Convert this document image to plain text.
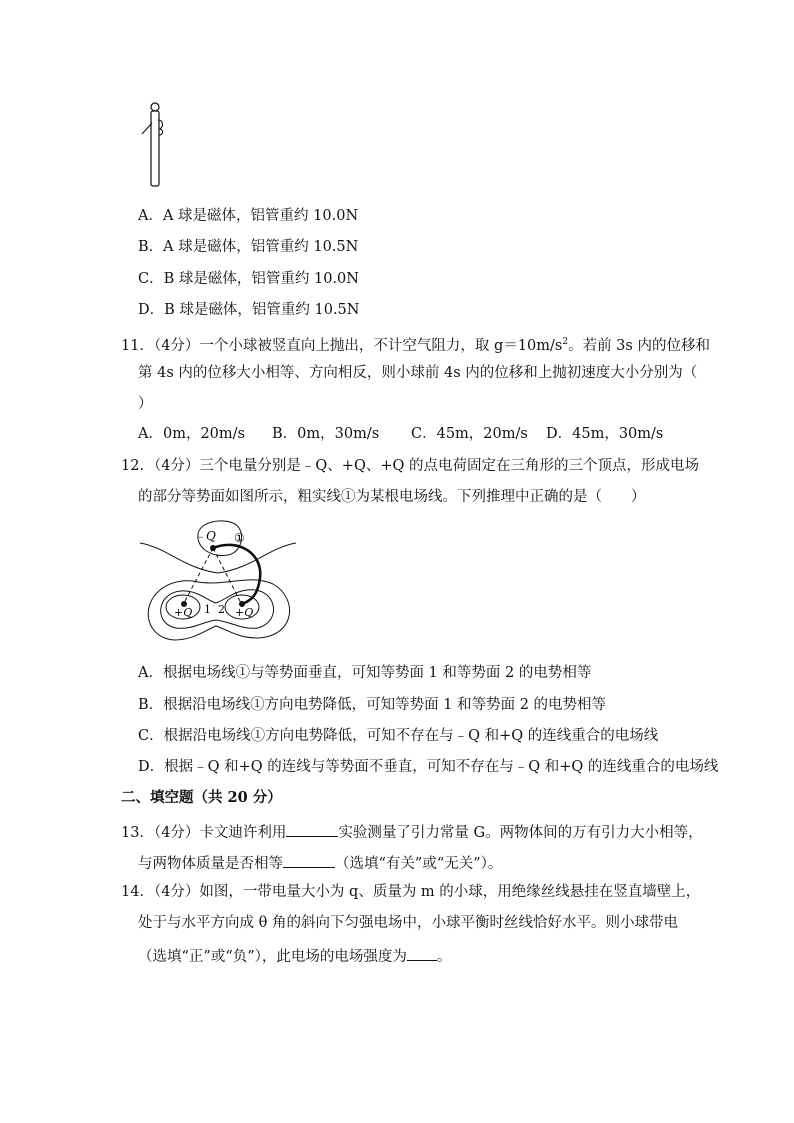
A．A 球是磁体，铝管重约 10.0N
B．A 球是磁体，铝管重约 10.5N
C．B 球是磁体，铝管重约 10.0N
D．B 球是磁体，铝管重约 10.5N
11．（4分）一个小球被竖直向上抛出，不计空气阻力，取 $g=10m/s^2$。若前 3s 内的位移和
第 4s 内的位移大小相等、方向相反，则小球前 4s 内的位移和上抛初速度大小分别为（
）
A．0m，20m/s B．0m，30m/s C．45m，20m/s D．45m，30m/s
12．（4分）三个电量分别是﹣Q、+Q、+Q 的点电荷固定在三角形的三个顶点，形成电场
的部分等势面如图所示，粗实线①为某根电场线。下列推理中正确的是（　　）
﹣Q ①
+Q	+Q
1 2
A．根据电场线①与等势面垂直，可知等势面 1 和等势面 2 的电势相等
B．根据沿电场线①方向电势降低，可知等势面 1 和等势面 2 的电势相等
C．根据沿电场线①方向电势降低，可知不存在与﹣Q 和+Q 的连线重合的电场线
D．根据﹣Q 和+Q 的连线与等势面不垂直，可知不存在与﹣Q 和+Q 的连线重合的电场线
二、填空题（共 20 分）
13．（4分）卡文迪许利用	实验测量了引力常量 G。两物体间的万有引力大小相等，
与两物体质量是否相等	（选填“有关”或“无关”）。
14．（4分）如图，一带电量大小为 q、质量为 m 的小球，用绝缘丝线悬挂在竖直墙壁上，
处于与水平方向成 θ 角的斜向下匀强电场中，小球平衡时丝线恰好水平。则小球带电
（选填“正”或“负”），此电场的电场强度为 。
